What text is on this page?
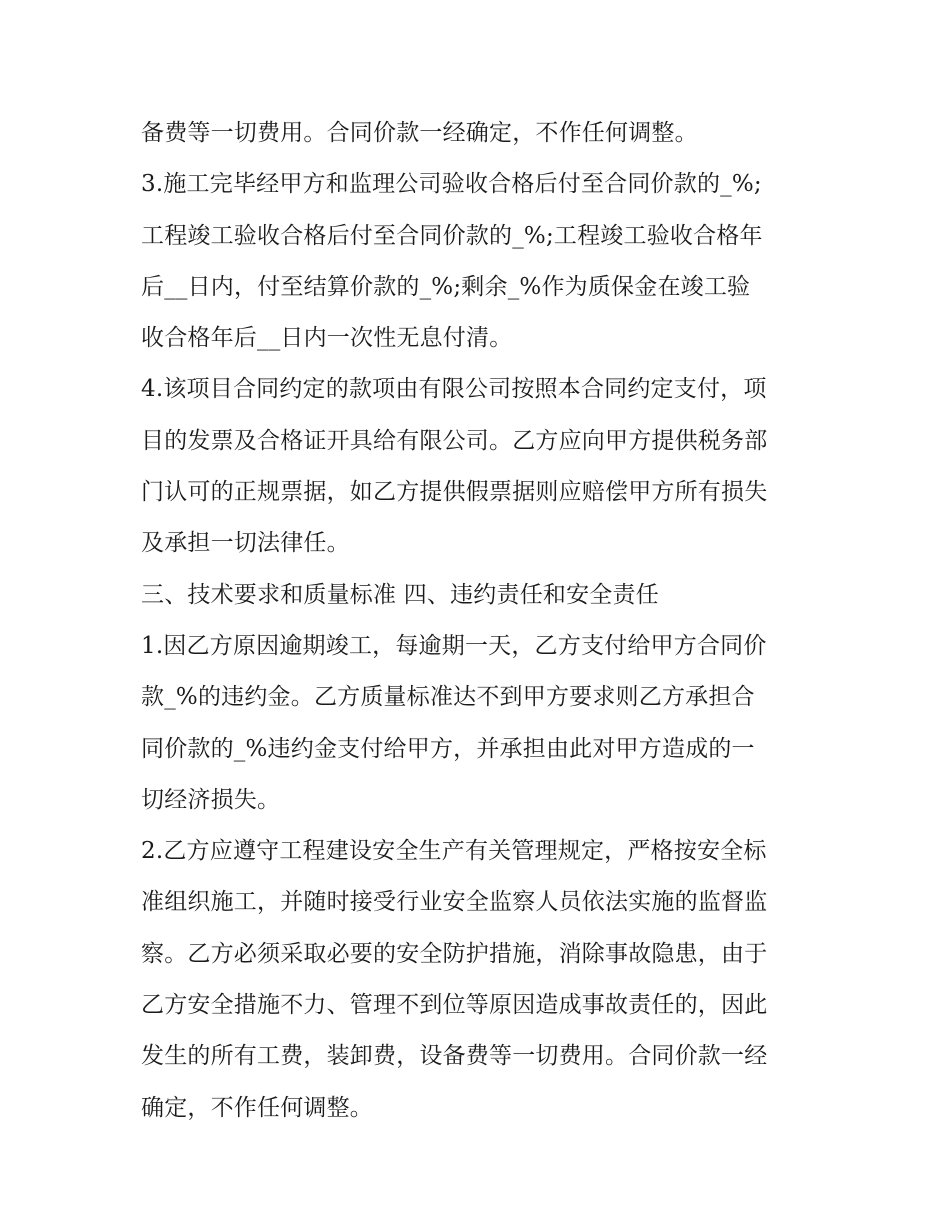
备费等一切费用。合同价款一经确定，不作任何调整。

3.施工完毕经甲方和监理公司验收合格后付至合同价款的_%;

工程竣工验收合格后付至合同价款的_%;工程竣工验收合格年

后__日内，付至结算价款的_%;剩余_%作为质保金在竣工验

收合格年后__日内一次性无息付清。

4.该项目合同约定的款项由有限公司按照本合同约定支付，项

目的发票及合格证开具给有限公司。乙方应向甲方提供税务部

门认可的正规票据，如乙方提供假票据则应赔偿甲方所有损失

及承担一切法律任。

三、技术要求和质量标准 四、违约责任和安全责任

1.因乙方原因逾期竣工，每逾期一天，乙方支付给甲方合同价

款_%的违约金。乙方质量标准达不到甲方要求则乙方承担合

同价款的_%违约金支付给甲方，并承担由此对甲方造成的一

切经济损失。

2.乙方应遵守工程建设安全生产有关管理规定，严格按安全标

准组织施工，并随时接受行业安全监察人员依法实施的监督监

察。乙方必须采取必要的安全防护措施，消除事故隐患，由于

乙方安全措施不力、管理不到位等原因造成事故责任的，因此

发生的所有工费，装卸费，设备费等一切费用。合同价款一经

确定，不作任何调整。
